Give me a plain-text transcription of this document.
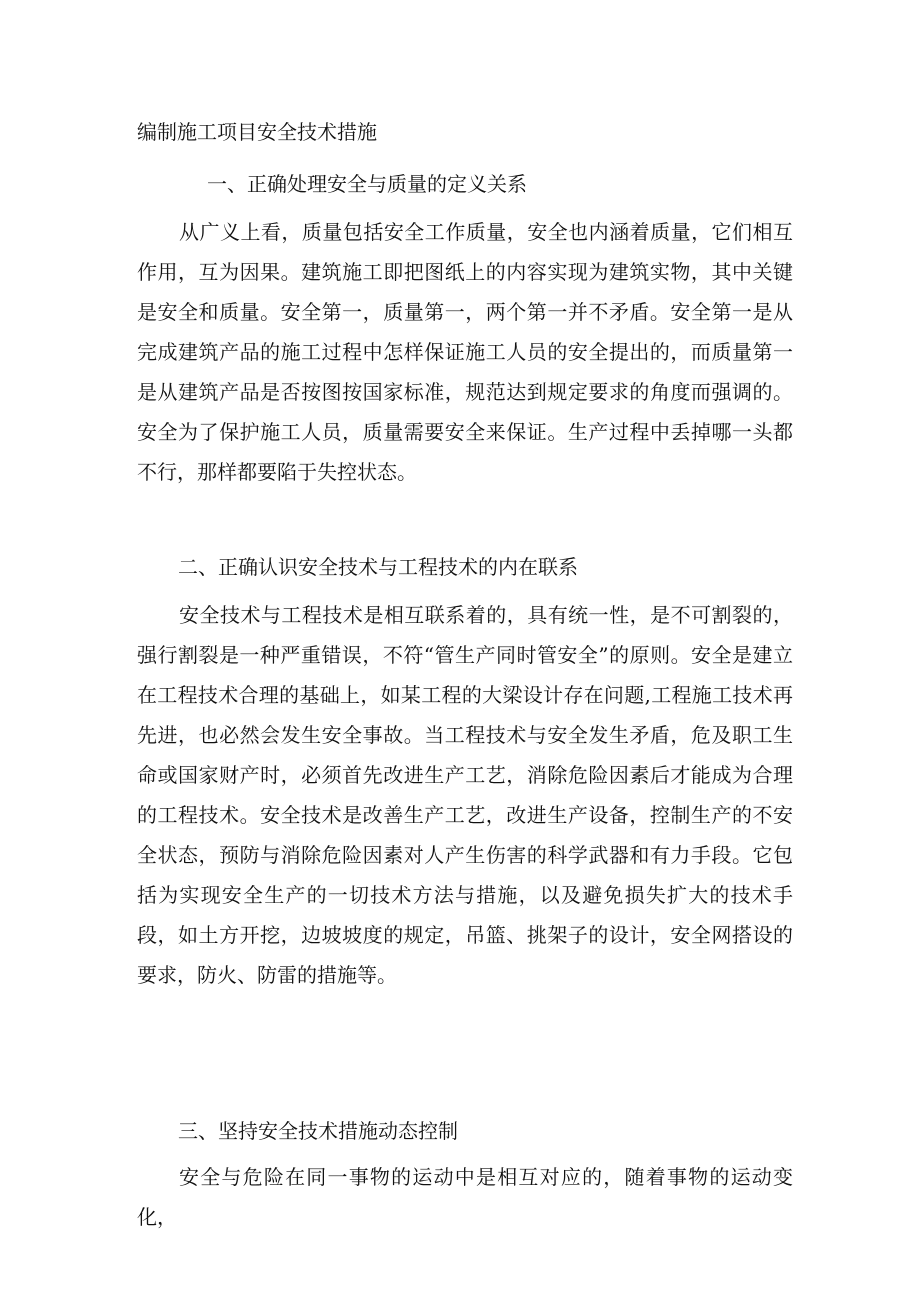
编制施工项目安全技术措施
一、正确处理安全与质量的定义关系

从广义上看，质量包括安全工作质量，安全也内涵着质量，它们相互作用，互为因果。建筑施工即把图纸上的内容实现为建筑实物，其中关键是安全和质量。安全第一，质量第一，两个第一并不矛盾。安全第一是从完成建筑产品的施工过程中怎样保证施工人员的安全提出的，而质量第一是从建筑产品是否按图按国家标准，规范达到规定要求的角度而强调的。安全为了保护施工人员，质量需要安全来保证。生产过程中丢掉哪一头都不行，那样都要陷于失控状态。

二、正确认识安全技术与工程技术的内在联系

安全技术与工程技术是相互联系着的，具有统一性，是不可割裂的，强行割裂是一种严重错误，不符“管生产同时管安全”的原则。安全是建立在工程技术合理的基础上，如某工程的大梁设计存在问题,工程施工技术再先进，也必然会发生安全事故。当工程技术与安全发生矛盾，危及职工生命或国家财产时，必须首先改进生产工艺，消除危险因素后才能成为合理的工程技术。安全技术是改善生产工艺，改进生产设备，控制生产的不安全状态，预防与消除危险因素对人产生伤害的科学武器和有力手段。它包括为实现安全生产的一切技术方法与措施，以及避免损失扩大的技术手段，如土方开挖，边坡坡度的规定，吊篮、挑架子的设计，安全网搭设的要求，防火、防雷的措施等。

三、坚持安全技术措施动态控制

安全与危险在同一事物的运动中是相互对应的，随着事物的运动变化，
